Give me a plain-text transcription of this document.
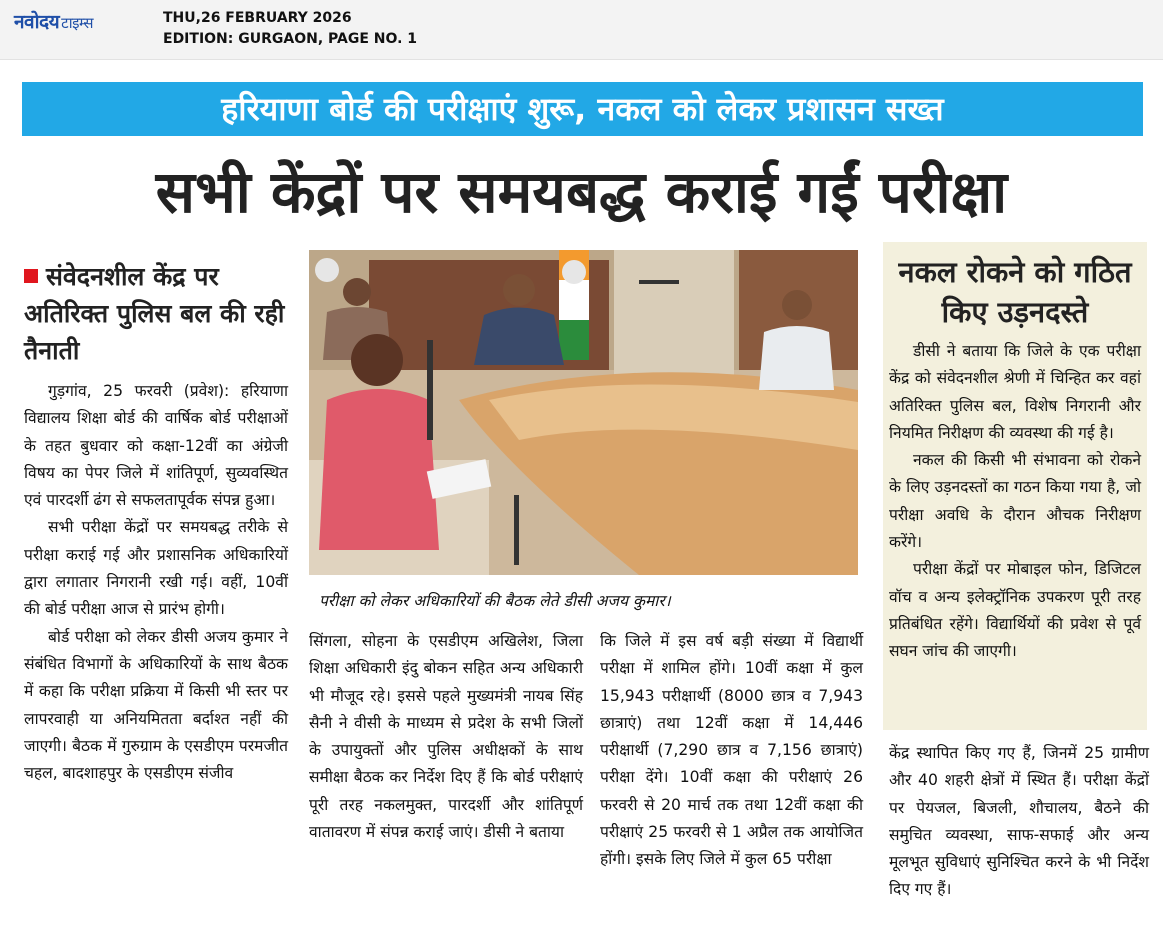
नवोदय टाइम्स	THU,26 FEBRUARY 2026
EDITION: GURGAON, PAGE NO. 1
हरियाणा बोर्ड की परीक्षाएं शुरू, नकल को लेकर प्रशासन सख्त
सभी केंद्रों पर समयबद्ध कराई गईं परीक्षा
संवेदनशील केंद्र पर अतिरिक्त पुलिस बल की रही तैनाती

गुड़गांव, 25 फरवरी (प्रवेश): हरियाणा विद्यालय शिक्षा बोर्ड की वार्षिक बोर्ड परीक्षाओं के तहत बुधवार को कक्षा-12वीं का अंग्रेजी विषय का पेपर जिले में शांतिपूर्ण, सुव्यवस्थित एवं पारदर्शी ढंग से सफलतापूर्वक संपन्न हुआ।

सभी परीक्षा केंद्रों पर समयबद्ध तरीके से परीक्षा कराई गई और प्रशासनिक अधिकारियों द्वारा लगातार निगरानी रखी गई। वहीं, 10वीं की बोर्ड परीक्षा आज से प्रारंभ होगी।

बोर्ड परीक्षा को लेकर डीसी अजय कुमार ने संबंधित विभागों के अधिकारियों के साथ बैठक में कहा कि परीक्षा प्रक्रिया में किसी भी स्तर पर लापरवाही या अनियमितता बर्दाश्त नहीं की जाएगी। बैठक में गुरुग्राम के एसडीएम परमजीत चहल, बादशाहपुर के एसडीएम संजीव

परीक्षा को लेकर अधिकारियों की बैठक लेते डीसी अजय कुमार।

सिंगला, सोहना के एसडीएम अखिलेश, जिला शिक्षा अधिकारी इंदु बोकन सहित अन्य अधिकारी भी मौजूद रहे। इससे पहले मुख्यमंत्री नायब सिंह सैनी ने वीसी के माध्यम से प्रदेश के सभी जिलों के उपायुक्तों और पुलिस अधीक्षकों के साथ समीक्षा बैठक कर निर्देश दिए हैं कि बोर्ड परीक्षाएं पूरी तरह नकलमुक्त, पारदर्शी और शांतिपूर्ण वातावरण में संपन्न कराई जाएं। डीसी ने बताया

कि जिले में इस वर्ष बड़ी संख्या में विद्यार्थी परीक्षा में शामिल होंगे। 10वीं कक्षा में कुल 15,943 परीक्षार्थी (8000 छात्र व 7,943 छात्राएं) तथा 12वीं कक्षा में 14,446 परीक्षार्थी (7,290 छात्र व 7,156 छात्राएं) परीक्षा देंगे। 10वीं कक्षा की परीक्षाएं 26 फरवरी से 20 मार्च तक तथा 12वीं कक्षा की परीक्षाएं 25 फरवरी से 1 अप्रैल तक आयोजित होंगी। इसके लिए जिले में कुल 65 परीक्षा

नकल रोकने को गठित किए उड़नदस्ते

डीसी ने बताया कि जिले के एक परीक्षा केंद्र को संवेदनशील श्रेणी में चिन्हित कर वहां अतिरिक्त पुलिस बल, विशेष निगरानी और नियमित निरीक्षण की व्यवस्था की गई है।

नकल की किसी भी संभावना को रोकने के लिए उड़नदस्तों का गठन किया गया है, जो परीक्षा अवधि के दौरान औचक निरीक्षण करेंगे।

परीक्षा केंद्रों पर मोबाइल फोन, डिजिटल वॉच व अन्य इलेक्ट्रॉनिक उपकरण पूरी तरह प्रतिबंधित रहेंगे। विद्यार्थियों की प्रवेश से पूर्व सघन जांच की जाएगी।

केंद्र स्थापित किए गए हैं, जिनमें 25 ग्रामीण और 40 शहरी क्षेत्रों में स्थित हैं। परीक्षा केंद्रों पर पेयजल, बिजली, शौचालय, बैठने की समुचित व्यवस्था, साफ-सफाई और अन्य मूलभूत सुविधाएं सुनिश्चित करने के भी निर्देश दिए गए हैं।
